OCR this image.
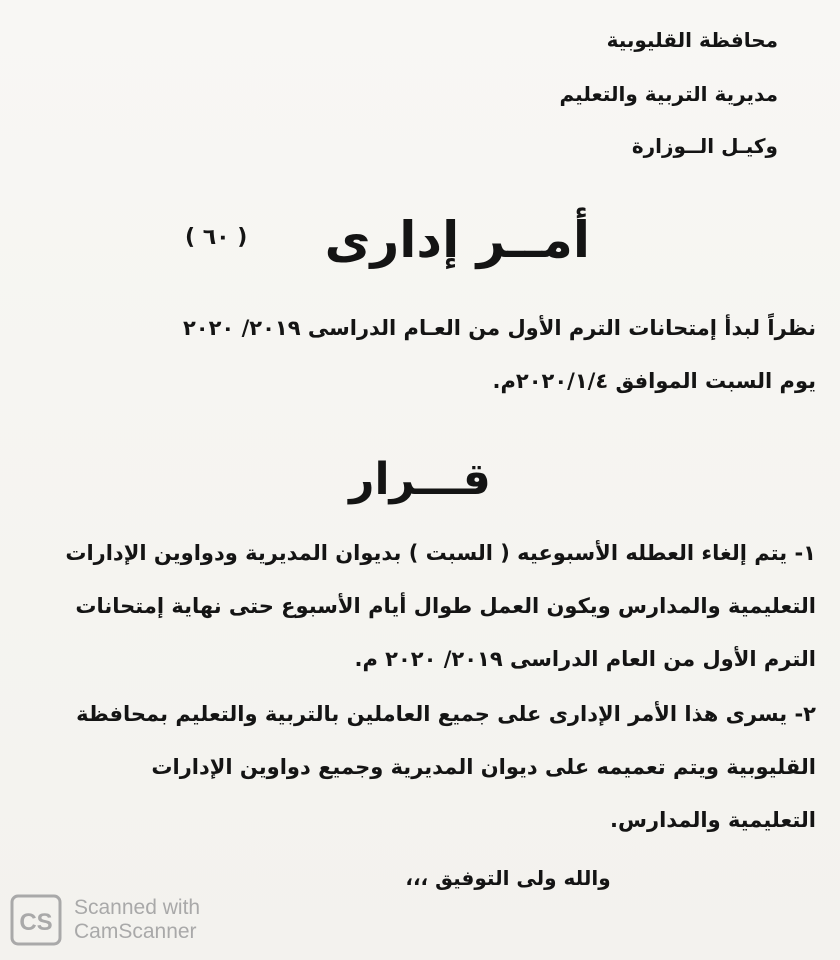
محافظة القليوبية
مديرية التربية والتعليم
وكيـل الــوزارة
أمــر إدارى
( ٦٠ )
نظراً لبدأ إمتحانات الترم الأول من العـام الدراسى ٢٠١٩/ ٢٠٢٠
يوم السبت الموافق ٢٠٢٠/١/٤م.
قـــرار
١- يتم إلغاء العطله الأسبوعيه ( السبت ) بديوان المديرية ودواوين الإدارات
التعليمية والمدارس ويكون العمل طوال أيام الأسبوع حتى نهاية إمتحانات
الترم الأول من العام الدراسى ٢٠١٩/ ٢٠٢٠ م.
٢- يسرى هذا الأمر الإدارى على جميع العاملين بالتربية والتعليم بمحافظة
القليوبية ويتم تعميمه على ديوان المديرية وجميع دواوين الإدارات
التعليمية والمدارس.
والله ولى التوفيق ،،،
CS
Scanned with
CamScanner
